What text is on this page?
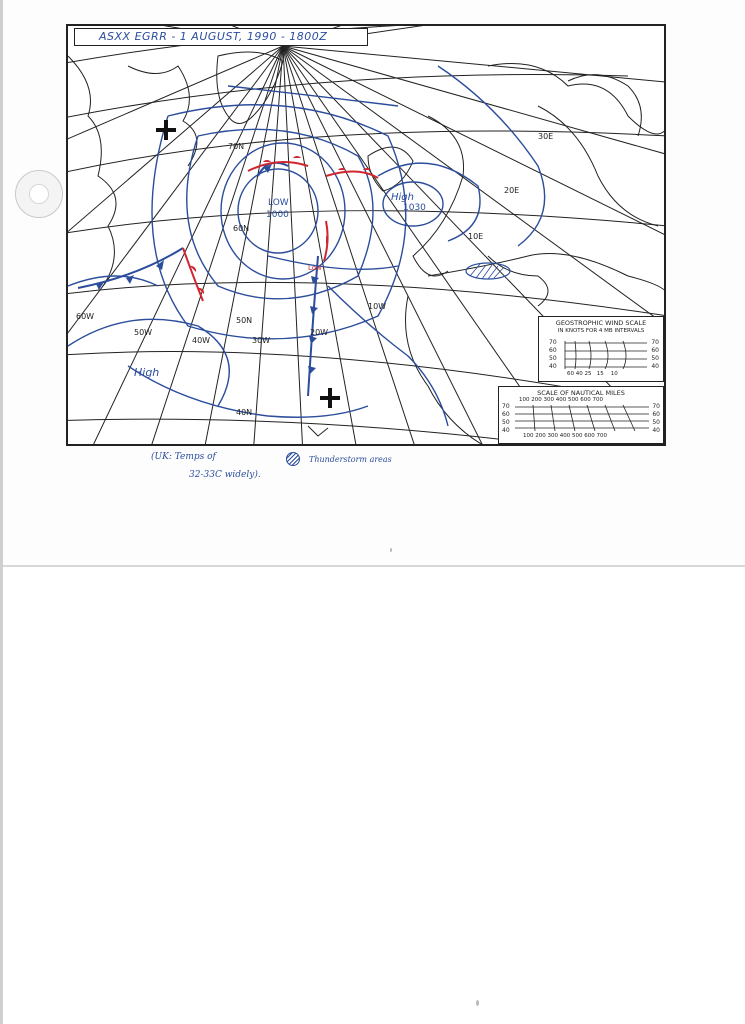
ASXX EGRR - 1 AUGUST, 1990 - 1800Z
70N
60N
50N
40N
60W
50W
40W	30W
20W
10W
10E
20E
30E
LOW
1000
High
1030
Low
High
GEOSTROPHIC WIND SCALE
IN KNOTS FOR 4 MB INTERVALS
70
60
50
40
70
60
50
40
60 40 25 15 10
SCALE OF NAUTICAL MILES
100 200 300 400 500 600 700
70
60
50
40
70
60
50
40
100 200 300 400 500 600 700
(UK: Temps of
32-33C widely).
Thunderstorm areas
